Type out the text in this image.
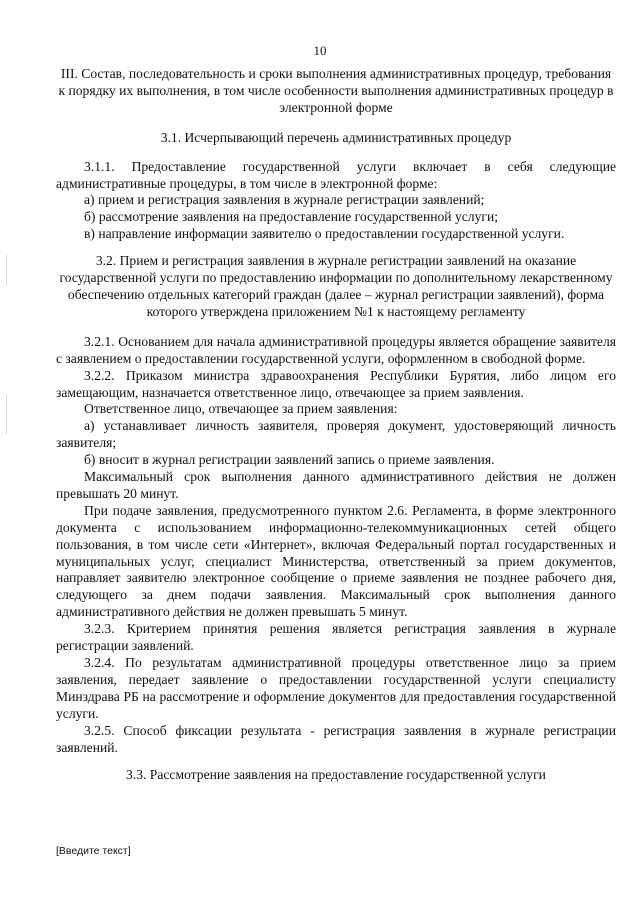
10
III. Состав, последовательность и сроки выполнения административных процедур, требования к порядку их выполнения, в том числе особенности выполнения административных процедур в электронной форме
3.1. Исчерпывающий перечень административных процедур

3.1.1. Предоставление государственной услуги включает в себя следующие административные процедуры, в том числе в электронной форме:

а) прием и регистрация заявления в журнале регистрации заявлений;

б) рассмотрение заявления на предоставление государственной услуги;

в) направление информации заявителю о предоставлении государственной услуги.

3.2. Прием и регистрация заявления в журнале регистрации заявлений на оказание государственной услуги по предоставлению информации по дополнительному лекарственному обеспечению отдельных категорий граждан (далее – журнал регистрации заявлений), форма которого утверждена приложением №1 к настоящему регламенту

3.2.1. Основанием для начала административной процедуры является обращение заявителя с заявлением о предоставлении государственной услуги, оформленном в свободной форме.

3.2.2. Приказом министра здравоохранения Республики Бурятия, либо лицом его замещающим, назначается ответственное лицо, отвечающее за прием заявления.

Ответственное лицо, отвечающее за прием заявления:

а) устанавливает личность заявителя, проверяя документ, удостоверяющий личность заявителя;

б) вносит в журнал регистрации заявлений запись о приеме заявления.

Максимальный срок выполнения данного административного действия не должен превышать 20 минут.

При подаче заявления, предусмотренного пунктом 2.6. Регламента, в форме электронного документа с использованием информационно-телекоммуникационных сетей общего пользования, в том числе сети «Интернет», включая Федеральный портал государственных и муниципальных услуг, специалист Министерства, ответственный за прием документов, направляет заявителю электронное сообщение о приеме заявления не позднее рабочего дня, следующего за днем подачи заявления. Максимальный срок выполнения данного административного действия не должен превышать 5 минут.

3.2.3. Критерием принятия решения является регистрация заявления в журнале регистрации заявлений.

3.2.4. По результатам административной процедуры ответственное лицо за прием заявления, передает заявление о предоставлении государственной услуги специалисту Минздрава РБ на рассмотрение и оформление документов для предоставления государственной услуги.

3.2.5. Способ фиксации результата - регистрация заявления в журнале регистрации заявлений.

3.3. Рассмотрение заявления на предоставление государственной услуги
[Введите текст]
